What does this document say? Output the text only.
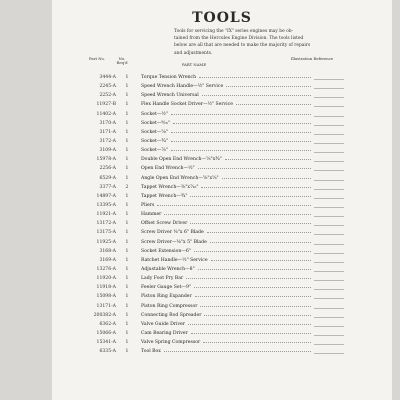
TOOLS

Tools for servicing the "IX" series engines may be ob-

tained from the Hercules Engine Division. The tools listed

below are all that are needed to make the majority of repairs

and adjustments.

Part No.	No. Req'd	PART NAME
Illustration Reference
3444-A	1	Torque Tension Wrench
2245-A	1	Speed Wrench Handle—½" Service
2252-A	1	Speed Wrench Universal
11927-B	1	Flex Handle Socket Driver—½" Service
11402-A	1	Socket—½"
3170-A	1	Socket—⁹⁄₁₆"
3171-A	1	Socket—⅝"
3172-A	1	Socket—¾"
3109-A	1	Socket—⅞"
15978-A	1	Double Open End Wrench—⅝"x¾"
2256-A	1	Open End Wrench—½"
6529-A	1	Angle Open End Wrench—⅝"x⅝"
3377-A	2	Tappet Wrench—⅜"x⁷⁄₁₆"
14897-A	1	Tappet Wrench—¾"
13395-A	1	Pliers
11921-A	1	Hammer
13172-A	1	Offset Screw Driver
13175-A	1	Screw Driver ⅜"x 6" Blade
11925-A	1	Screw Driver—⅜"x 5" Blade
3168-A	1	Socket Extension—6"
3169-A	1	Ratchet Handle—½" Service
13276-A	1	Adjustable Wrench—8"
11920-A	1	Lady Foot Pry Bar
11918-A	1	Feeler Gauge Set—9"
15098-A	1	Piston Ring Expander
13171-A	1	Piston Ring Compressor
200382-A	1	Connecting Rod Spreader
6362-A	1	Valve Guide Driver
15066-A	1	Cam Bearing Driver
15341-A	1	Valve Spring Compressor
6335-A	1	Tool Box
